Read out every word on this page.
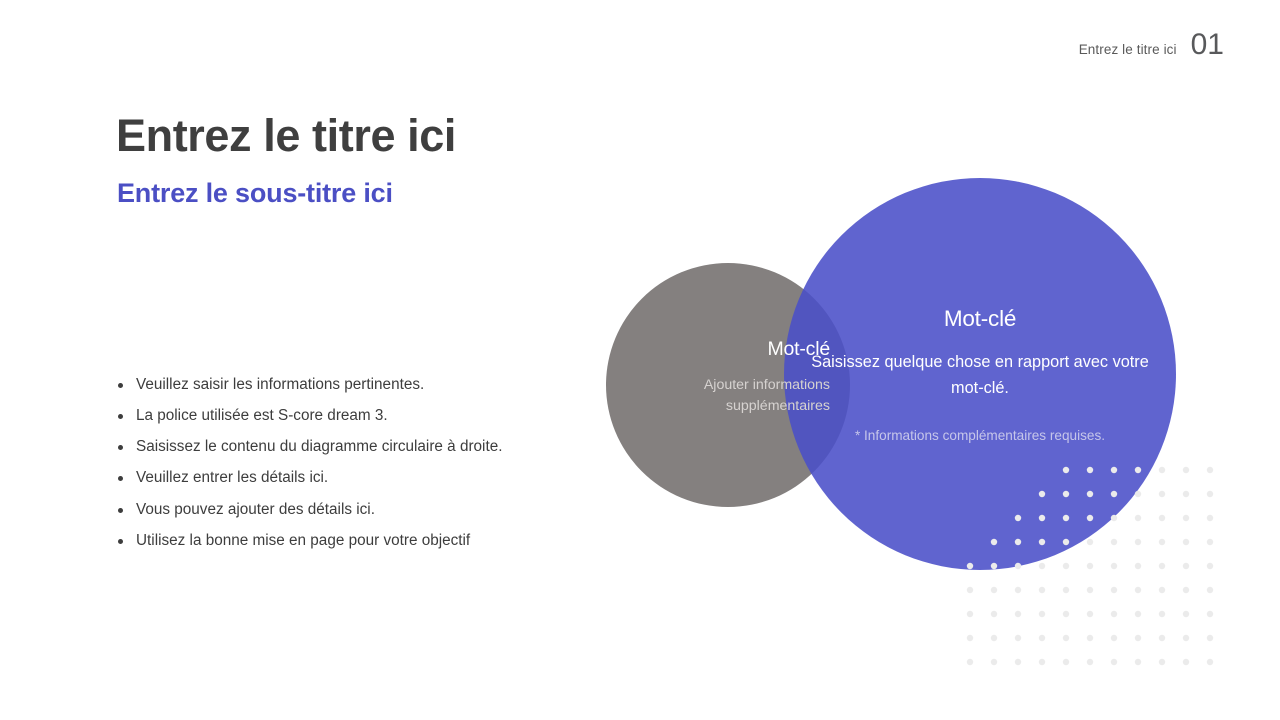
Entrez le titre ici 01
Entrez le titre ici
Entrez le sous-titre ici
Veuillez saisir les informations pertinentes.
La police utilisée est S-core dream 3.
Saisissez le contenu du diagramme circulaire à droite.
Veuillez entrer les détails ici.
Vous pouvez ajouter des détails ici.
Utilisez la bonne mise en page pour votre objectif
Mot-clé
Ajouter informations supplémentaires
Mot-clé
Saisissez quelque chose en rapport avec votre mot-clé.
* Informations complémentaires requises.
